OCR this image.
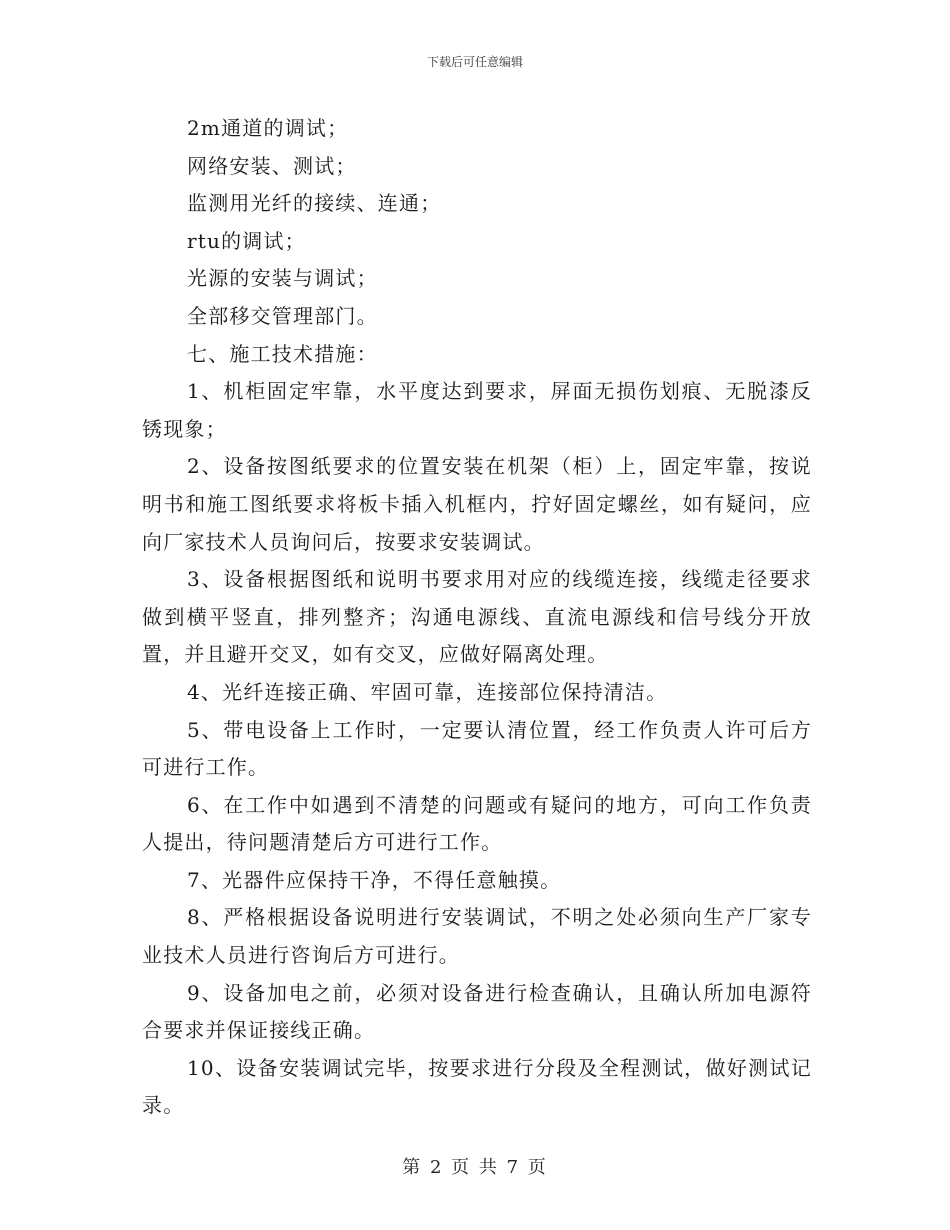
下载后可任意编辑

2m通道的调试；

网络安装、测试；

监测用光纤的接续、连通；

rtu的调试；

光源的安装与调试；

全部移交管理部门。

七、施工技术措施：

1、机柜固定牢靠，水平度达到要求，屏面无损伤划痕、无脱漆反锈现象；

2、设备按图纸要求的位置安装在机架（柜）上，固定牢靠，按说明书和施工图纸要求将板卡插入机框内，拧好固定螺丝，如有疑问，应向厂家技术人员询问后，按要求安装调试。

3、设备根据图纸和说明书要求用对应的线缆连接，线缆走径要求做到横平竖直，排列整齐；沟通电源线、直流电源线和信号线分开放置，并且避开交叉，如有交叉，应做好隔离处理。

4、光纤连接正确、牢固可靠，连接部位保持清洁。

5、带电设备上工作时，一定要认清位置，经工作负责人许可后方可进行工作。

6、在工作中如遇到不清楚的问题或有疑问的地方，可向工作负责人提出，待问题清楚后方可进行工作。

7、光器件应保持干净，不得任意触摸。

8、严格根据设备说明进行安装调试，不明之处必须向生产厂家专业技术人员进行咨询后方可进行。

9、设备加电之前，必须对设备进行检查确认，且确认所加电源符合要求并保证接线正确。

10、设备安装调试完毕，按要求进行分段及全程测试，做好测试记录。

第 2 页 共 7 页
